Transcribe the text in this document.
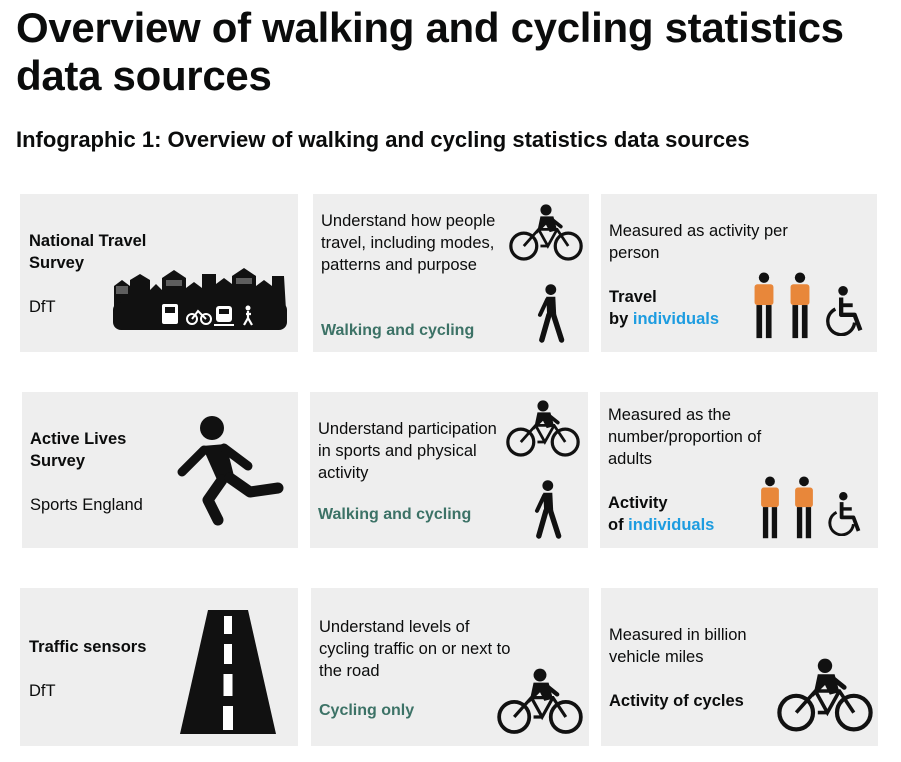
Overview of walking and cycling statistics data sources
Infographic 1: Overview of walking and cycling statistics data sources
National Travel Survey
DfT
Understand how people travel, including modes, patterns and purpose
Walking and cycling
Measured as activity per person
Travel
by individuals
Active Lives Survey
Sports England
Understand participation in sports and physical activity
Walking and cycling
Measured as the number/proportion of adults
Activity
of individuals
Traffic sensors
DfT
Understand levels of cycling traffic on or next to the road
Cycling only
Measured in billion vehicle miles
Activity of cycles
